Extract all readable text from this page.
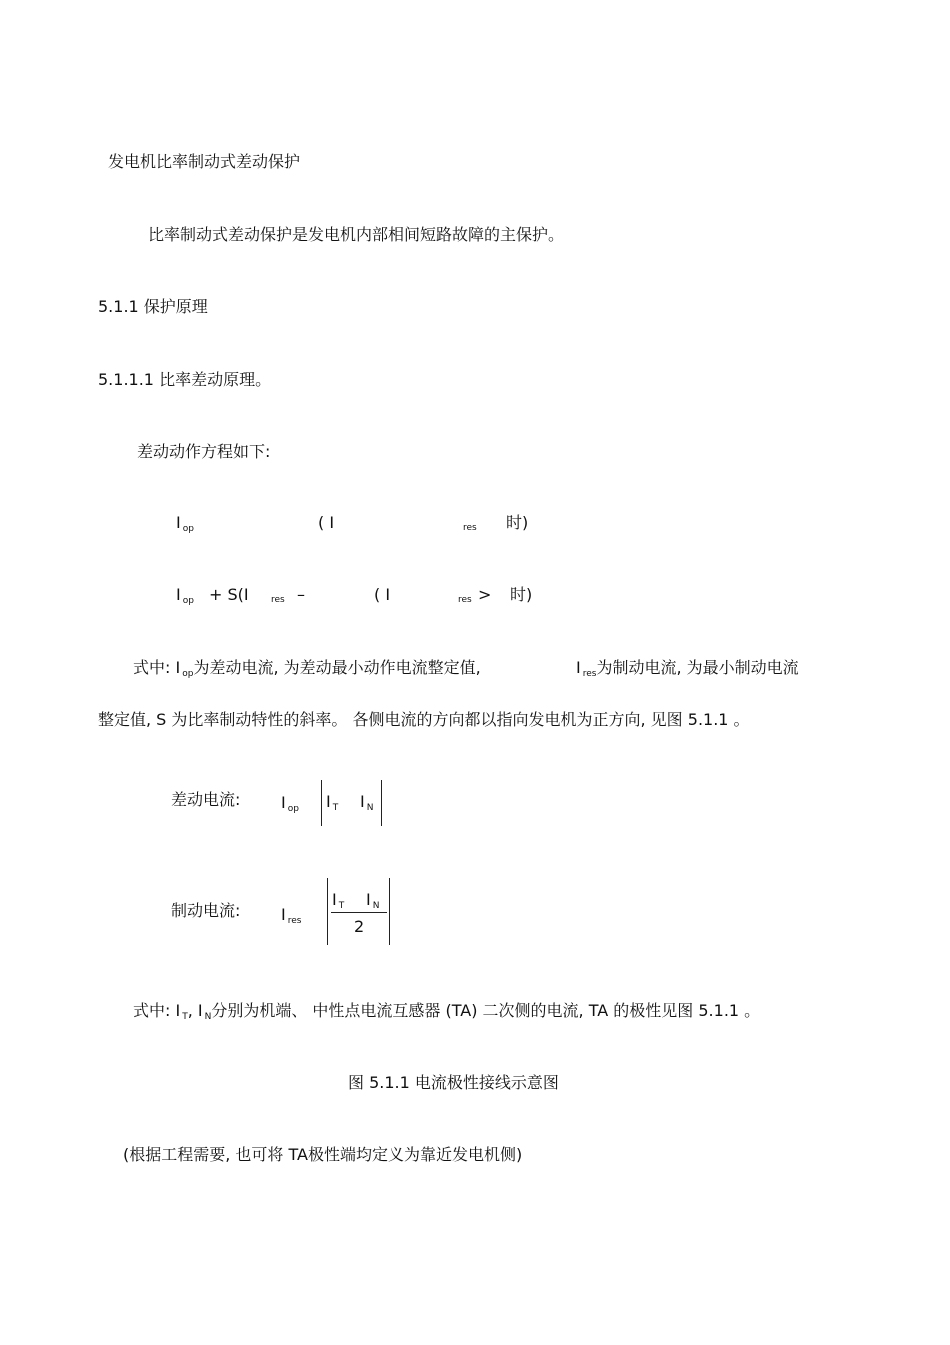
发电机比率制动式差动保护
比率制动式差动保护是发电机内部相间短路故障的主保护。
5.1.1 保护原理
5.1.1.1 比率差动原理。
差动动作方程如下:
Iop	( I	res 时)
Iop + S(I res –	( I	res > 时)
式中: I op为差动电流, 为差动最小动作电流整定值,	Ires为制动电流, 为最小制动电流
整定值, S 为比率制动特性的斜率。 各侧电流的方向都以指向发电机为正方向, 见图 5.1.1 。
差动电流:	Iop I T I N
制动电流:	Ires
I T I N
2
式中: I T, I N分别为机端、 中性点电流互感器 (TA) 二次侧的电流, TA 的极性见图 5.1.1 。
图 5.1.1 电流极性接线示意图
(根据工程需要, 也可将 TA极性端均定义为靠近发电机侧)
